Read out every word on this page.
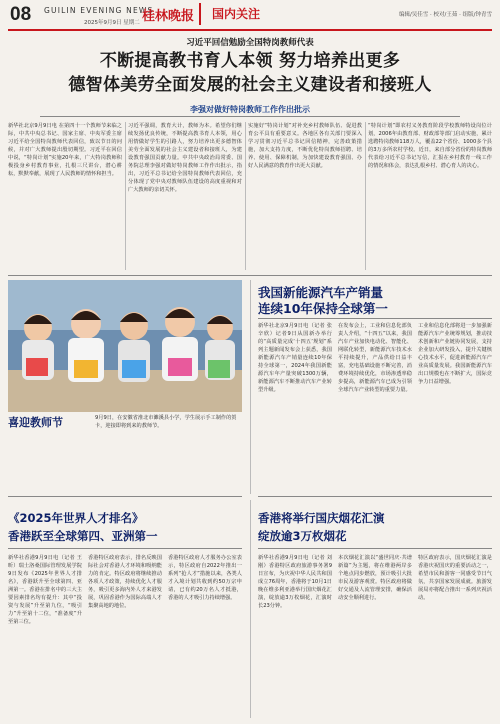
08 GUILIN EVENING NEWS
2025年9月9日 星期二 桂林晚报	国内关注	编辑/吴佳雪 · 校对/王茹 · 组版/钟青雪
习近平回信勉励全国特岗教师代表
不断提高教书育人本领 努力培养出更多
德智体美劳全面发展的社会主义建设者和接班人
李强对做好特岗教师工作作出批示
新华社北京9月9日电 在第四十一个教师节来临之际，中共中央总书记、国家主席、中央军委主席习近平给全国特岗教师代表回信，致以节日的问候，并对广大教师提出殷切期望。习近平在回信中说，“特岗计划”实施20年来，广大特岗教师积极投身乡村教育事业，扎根三尺讲台，潜心耕耘，默默奉献，展现了人民教师的情怀和担当。
习近平强调，教育大计，教师为本。希望你们继续发扬优良传统，不断提高教书育人本领，用心用情做好学生的引路人，努力培养出更多德智体美劳全面发展的社会主义建设者和接班人，为建设教育强国贡献力量。中共中央政治局常委、国务院总理李强对做好特岗教师工作作出批示，指出，习近平总书记给全国特岗教师代表回信，充分体现了党中央对教师队伍建设的高度重视和对广大教师的亲切关怀。
实施好“特岗计划”对补充乡村教师队伍、促进教育公平具有重要意义。各地区各有关部门要深入学习贯彻习近平总书记回信精神，完善政策措施，加大支持力度，不断优化特岗教师招聘、培养、使用、保障机制，为加快建设教育强国、办好人民满意的教育作出更大贡献。
“特岗计划”即农村义务教育阶段学校教师特设岗位计划，2006年由教育部、财政部等部门启动实施，累计选聘特岗教师118万人，覆盖22个省份、1000多个县的3万多所农村学校。近日，来自部分省份的特岗教师代表给习近平总书记写信，汇报在乡村教育一线工作的情况和体会，表达扎根乡村、潜心育人的决心。
喜迎教师节	9月9日，在安徽省淮北市濉溪县小学，学生展示手工制作的贺卡，迎接即将到来的教师节。
我国新能源汽车产销量
连续10年保持全球第一
新华社北京9月9日电（记者 张辛欣）记者9日从国新办举行的“高质量完成‘十四五’规划”系列主题新闻发布会上获悉，我国新能源汽车产销量连续10年保持全球第一，2024年我国新能源汽车年产量突破1300万辆，新能源汽车不断推动汽车产业转型升级。
在发布会上，工业和信息化部负责人介绍，“十四五”以来，我国汽车产业加快电动化、智能化、网联化转型，新能源汽车技术水平持续提升，产品供给日益丰富，充电基础设施不断完善，消费环境持续优化，市场渗透率稳步提高，新能源汽车已成为引领全球汽车产业转型的重要力量。
工业和信息化部将进一步加强新能源汽车产业统筹规划，推动技术创新和产业链协同发展，支持企业加大研发投入，提升关键核心技术水平，促进新能源汽车产业高质量发展。我国新能源汽车出口规模也在不断扩大，国际竞争力日益增强。
《2025年世界人才排名》
香港跃至全球第四、亚洲第一
新华社香港9月9日电（记者 王昕）瑞士洛桑国际管理发展学院9日发布《2025年世界人才排名》，香港跃升至全球第四、亚洲第一。香港在排名中的三大主要因素排名均有提升：其中“投资与发展”升至第九位，“吸引力”升至第十二位，“准备度”升至第三位。
香港特区政府表示，排名反映国际社会对香港人才环境和吸纳能力的肯定。特区政府将继续推动各项人才政策，持续优化人才服务，吸引更多海内外人才来港发展，巩固香港作为国际高端人才集聚高地的地位。
香港特区政府人才服务办公室表示，特区政府自2022年推出一系列“抢人才”措施以来，各类人才入境计划共收到约50万宗申请，已有约20万名人才抵港，香港的人才吸引力持续增强。
香港将举行国庆烟花汇演
绽放逾3万枚烟花
新华社香港9月9日电（记者 刘刚）香港特区政府旅游事务署9日宣布，为庆祝中华人民共和国成立76周年，香港将于10月1日晚在维多利亚港举行国庆烟花汇演，绽放逾3万枚烟花，汇演时长23分钟。
本次烟花汇演以“盛世同庆·共谱新篇”为主题，将在维港两岸多个地点同步燃放，预计吸引大批市民及游客观赏。特区政府将做好交通及人流管理安排，确保活动安全顺利进行。
特区政府表示，国庆烟花汇演是香港庆祝国庆的重要活动之一，希望市民和游客一同感受节日气氛，共享国家发展成就。旅游发展局亦将配合推出一系列庆祝活动。
